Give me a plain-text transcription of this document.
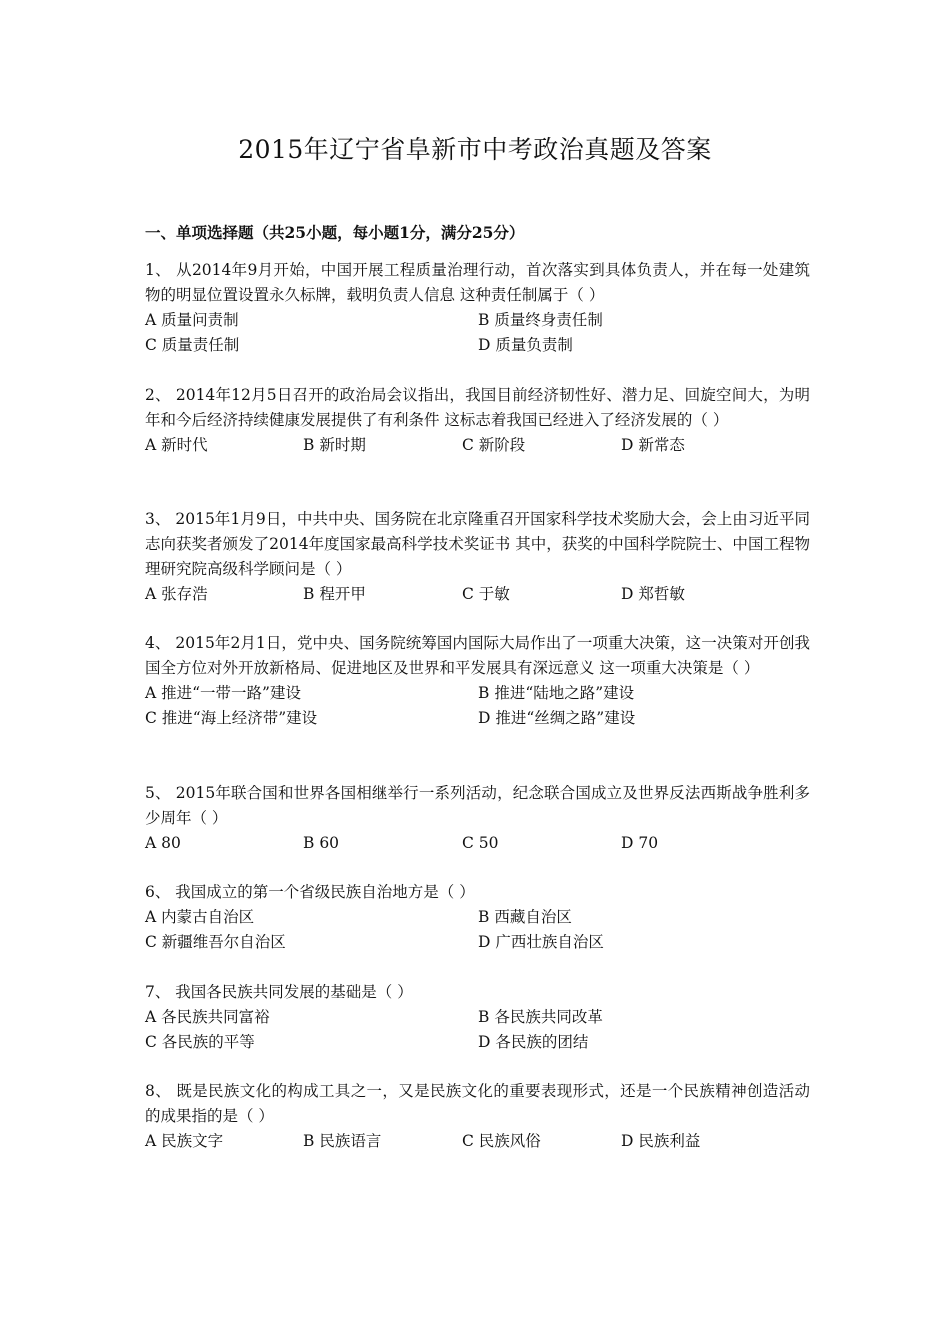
2015年辽宁省阜新市中考政治真题及答案
一、单项选择题（共25小题，每小题1分，满分25分）

1、 从2014年9月开始，中国开展工程质量治理行动，首次落实到具体负责人，并在每一处建筑物的明显位置设置永久标牌，载明负责人信息 这种责任制属于（ ）

A 质量问责制	B 质量终身责任制
C 质量责任制	D 质量负责制

2、 2014年12月5日召开的政治局会议指出，我国目前经济韧性好、潜力足、回旋空间大，为明年和今后经济持续健康发展提供了有利条件 这标志着我国已经进入了经济发展的（ ）

A 新时代	B 新时期	C 新阶段	D 新常态

3、 2015年1月9日，中共中央、国务院在北京隆重召开国家科学技术奖励大会，会上由习近平同志向获奖者颁发了2014年度国家最高科学技术奖证书 其中，获奖的中国科学院院士、中国工程物理研究院高级科学顾问是（ ）

A 张存浩	B 程开甲	C 于敏	D 郑哲敏

4、 2015年2月1日，党中央、国务院统筹国内国际大局作出了一项重大决策，这一决策对开创我国全方位对外开放新格局、促进地区及世界和平发展具有深远意义 这一项重大决策是（ ）

A 推进“一带一路”建设	B 推进“陆地之路”建设
C 推进“海上经济带”建设	D 推进“丝绸之路”建设

5、 2015年联合国和世界各国相继举行一系列活动，纪念联合国成立及世界反法西斯战争胜利多少周年（ ）

A 80	B 60	C 50	D 70

6、 我国成立的第一个省级民族自治地方是（ ）

A 内蒙古自治区	B 西藏自治区
C 新疆维吾尔自治区	D 广西壮族自治区

7、 我国各民族共同发展的基础是（ ）

A 各民族共同富裕	B 各民族共同改革
C 各民族的平等	D 各民族的团结

8、 既是民族文化的构成工具之一，又是民族文化的重要表现形式，还是一个民族精神创造活动的成果指的是（ ）

A 民族文字	B 民族语言	C 民族风俗	D 民族利益
